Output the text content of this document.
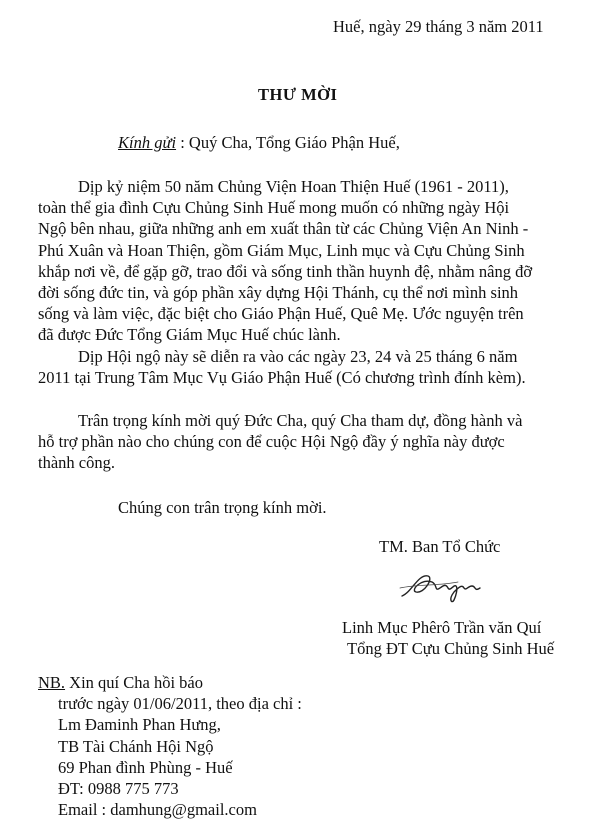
Huế, ngày 29 tháng 3 năm 2011
THƯ MỜI
Kính gửi : Quý Cha, Tổng Giáo Phận Huế,

Dịp kỷ niệm 50 năm Chủng Viện Hoan Thiện Huế (1961 - 2011),
toàn thể gia đình Cựu Chủng Sinh Huế mong muốn có những ngày Hội
Ngộ bên nhau, giữa những anh em xuất thân từ các Chủng Viện An Ninh -
Phú Xuân và Hoan Thiện, gồm Giám Mục, Linh mục và Cựu Chủng Sinh
khắp nơi về, để gặp gỡ, trao đổi và sống tinh thần huynh đệ, nhằm nâng đỡ
đời sống đức tin, và góp phần xây dựng Hội Thánh, cụ thể nơi mình sinh
sống và làm việc, đặc biệt cho Giáo Phận Huế, Quê Mẹ. Ước nguyện trên
đã được Đức Tổng Giám Mục Huế chúc lành.

Dịp Hội ngộ này sẽ diễn ra vào các ngày 23, 24 và 25 tháng 6 năm
2011 tại Trung Tâm Mục Vụ Giáo Phận Huế (Có chương trình đính kèm).

Trân trọng kính mời quý Đức Cha, quý Cha tham dự, đồng hành và
hỗ trợ phần nào cho chúng con để cuộc Hội Ngộ đầy ý nghĩa này được
thành công.

Chúng con trân trọng kính mời.
TM. Ban Tổ Chức
Linh Mục Phêrô Trần văn Quí
Tổng ĐT Cựu Chủng Sinh Huế
NB. Xin quí Cha hồi báo
trước ngày 01/06/2011, theo địa chỉ :
Lm Đaminh Phan Hưng,
TB Tài Chánh Hội Ngộ
69 Phan đình Phùng - Huế
ĐT: 0988 775 773
Email : damhung@gmail.com
